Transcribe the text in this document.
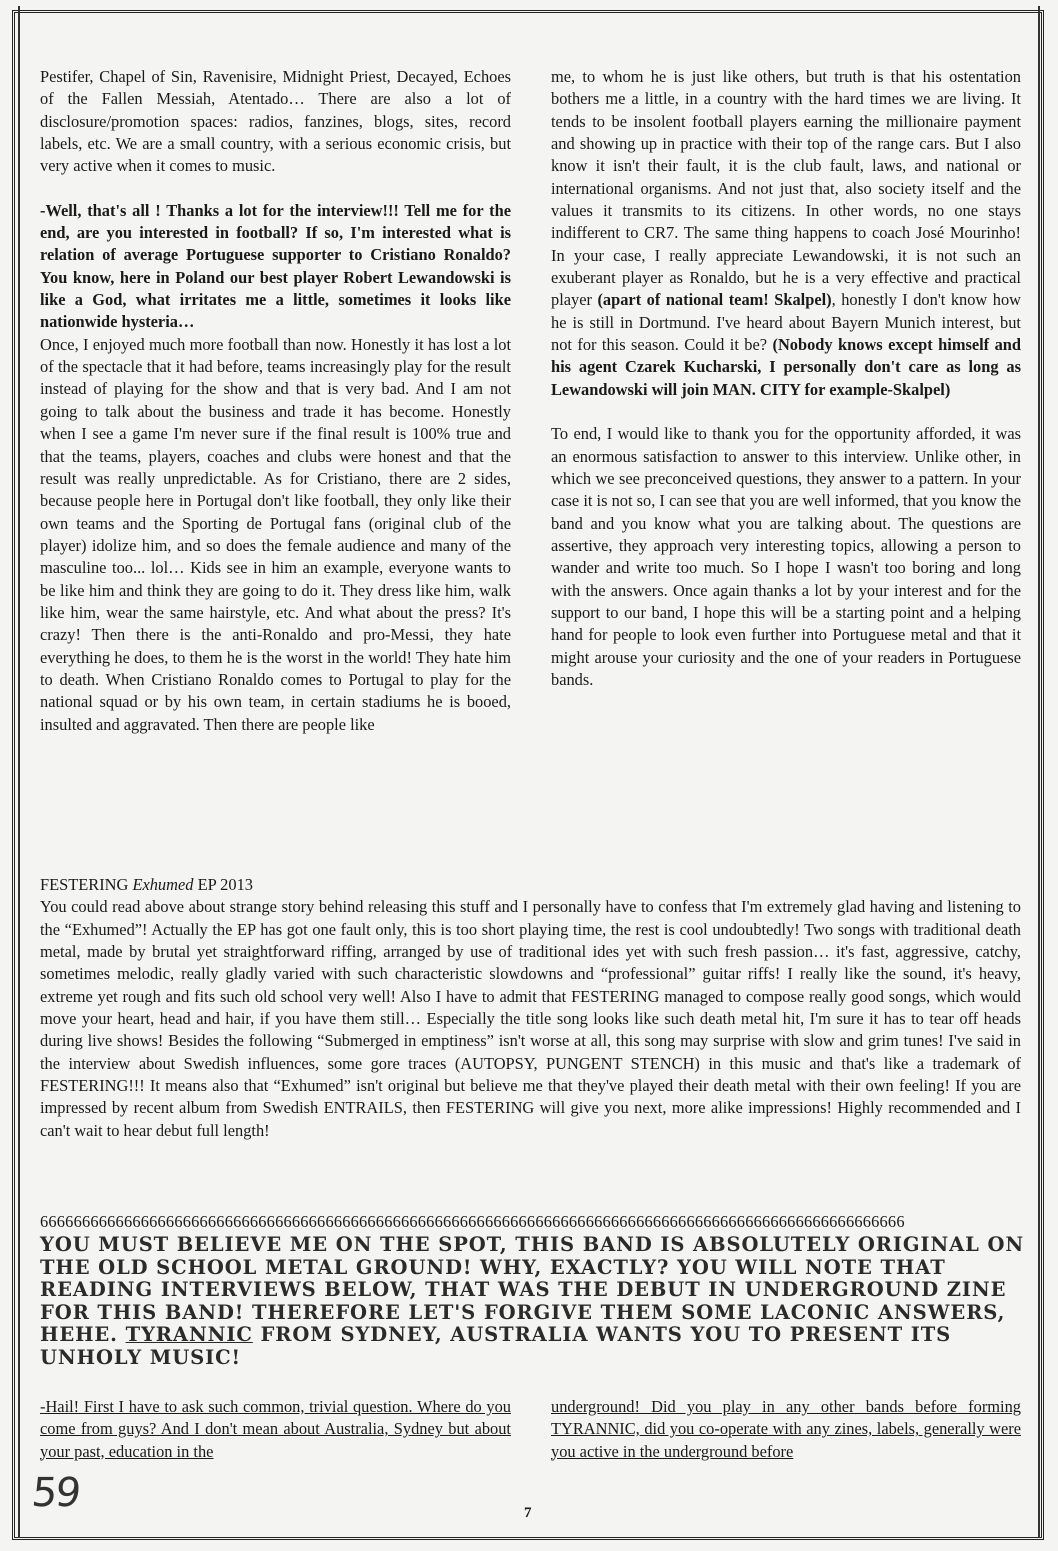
Pestifer, Chapel of Sin, Ravenisire, Midnight Priest, Decayed, Echoes of the Fallen Messiah, Atentado… There are also a lot of disclosure/promotion spaces: radios, fanzines, blogs, sites, record labels, etc. We are a small country, with a serious economic crisis, but very active when it comes to music.

-Well, that's all ! Thanks a lot for the interview!!! Tell me for the end, are you interested in football? If so, I'm interested what is relation of average Portuguese supporter to Cristiano Ronaldo? You know, here in Poland our best player Robert Lewandowski is like a God, what irritates me a little, sometimes it looks like nationwide hysteria…

Once, I enjoyed much more football than now. Honestly it has lost a lot of the spectacle that it had before, teams increasingly play for the result instead of playing for the show and that is very bad. And I am not going to talk about the business and trade it has become. Honestly when I see a game I'm never sure if the final result is 100% true and that the teams, players, coaches and clubs were honest and that the result was really unpredictable. As for Cristiano, there are 2 sides, because people here in Portugal don't like football, they only like their own teams and the Sporting de Portugal fans (original club of the player) idolize him, and so does the female audience and many of the masculine too... lol… Kids see in him an example, everyone wants to be like him and think they are going to do it. They dress like him, walk like him, wear the same hairstyle, etc. And what about the press? It's crazy! Then there is the anti-Ronaldo and pro-Messi, they hate everything he does, to them he is the worst in the world! They hate him to death. When Cristiano Ronaldo comes to Portugal to play for the national squad or by his own team, in certain stadiums he is booed, insulted and aggravated. Then there are people like

me, to whom he is just like others, but truth is that his ostentation bothers me a little, in a country with the hard times we are living. It tends to be insolent football players earning the millionaire payment and showing up in practice with their top of the range cars. But I also know it isn't their fault, it is the club fault, laws, and national or international organisms. And not just that, also society itself and the values it transmits to its citizens. In other words, no one stays indifferent to CR7. The same thing happens to coach José Mourinho! In your case, I really appreciate Lewandowski, it is not such an exuberant player as Ronaldo, but he is a very effective and practical player (apart of national team! Skalpel), honestly I don't know how he is still in Dortmund. I've heard about Bayern Munich interest, but not for this season. Could it be? (Nobody knows except himself and his agent Czarek Kucharski, I personally don't care as long as Lewandowski will join MAN. CITY for example-Skalpel)

To end, I would like to thank you for the opportunity afforded, it was an enormous satisfaction to answer to this interview. Unlike other, in which we see preconceived questions, they answer to a pattern. In your case it is not so, I can see that you are well informed, that you know the band and you know what you are talking about. The questions are assertive, they approach very interesting topics, allowing a person to wander and write too much. So I hope I wasn't too boring and long with the answers. Once again thanks a lot by your interest and for the support to our band, I hope this will be a starting point and a helping hand for people to look even further into Portuguese metal and that it might arouse your curiosity and the one of your readers in Portuguese bands.

FESTERING Exhumed EP 2013

You could read above about strange story behind releasing this stuff and I personally have to confess that I'm extremely glad having and listening to the “Exhumed”! Actually the EP has got one fault only, this is too short playing time, the rest is cool undoubtedly! Two songs with traditional death metal, made by brutal yet straightforward riffing, arranged by use of traditional ides yet with such fresh passion… it's fast, aggressive, catchy, sometimes melodic, really gladly varied with such characteristic slowdowns and “professional” guitar riffs! I really like the sound, it's heavy, extreme yet rough and fits such old school very well! Also I have to admit that FESTERING managed to compose really good songs, which would move your heart, head and hair, if you have them still… Especially the title song looks like such death metal hit, I'm sure it has to tear off heads during live shows! Besides the following “Submerged in emptiness” isn't worse at all, this song may surprise with slow and grim tunes! I've said in the interview about Swedish influences, some gore traces (AUTOPSY, PUNGENT STENCH) in this music and that's like a trademark of FESTERING!!! It means also that “Exhumed” isn't original but believe me that they've played their death metal with their own feeling! If you are impressed by recent album from Swedish ENTRAILS, then FESTERING will give you next, more alike impressions! Highly recommended and I can't wait to hear debut full length!

6666666666666666666666666666666666666666666666666666666666666666666666666666666666666666666666666666666
YOU MUST BELIEVE ME ON THE SPOT, THIS BAND IS ABSOLUTELY ORIGINAL ON THE OLD SCHOOL METAL GROUND! WHY, EXACTLY? YOU WILL NOTE THAT READING INTERVIEWS BELOW, THAT WAS THE DEBUT IN UNDERGROUND ZINE FOR THIS BAND! THEREFORE LET'S FORGIVE THEM SOME LACONIC ANSWERS, HEHE. TYRANNIC FROM SYDNEY, AUSTRALIA WANTS YOU TO PRESENT ITS UNHOLY MUSIC!
-Hail! First I have to ask such common, trivial question. Where do you come from guys? And I don't mean about Australia, Sydney but about your past, education in the
underground! Did you play in any other bands before forming TYRANNIC, did you co-operate with any zines, labels, generally were you active in the underground before
59	7
